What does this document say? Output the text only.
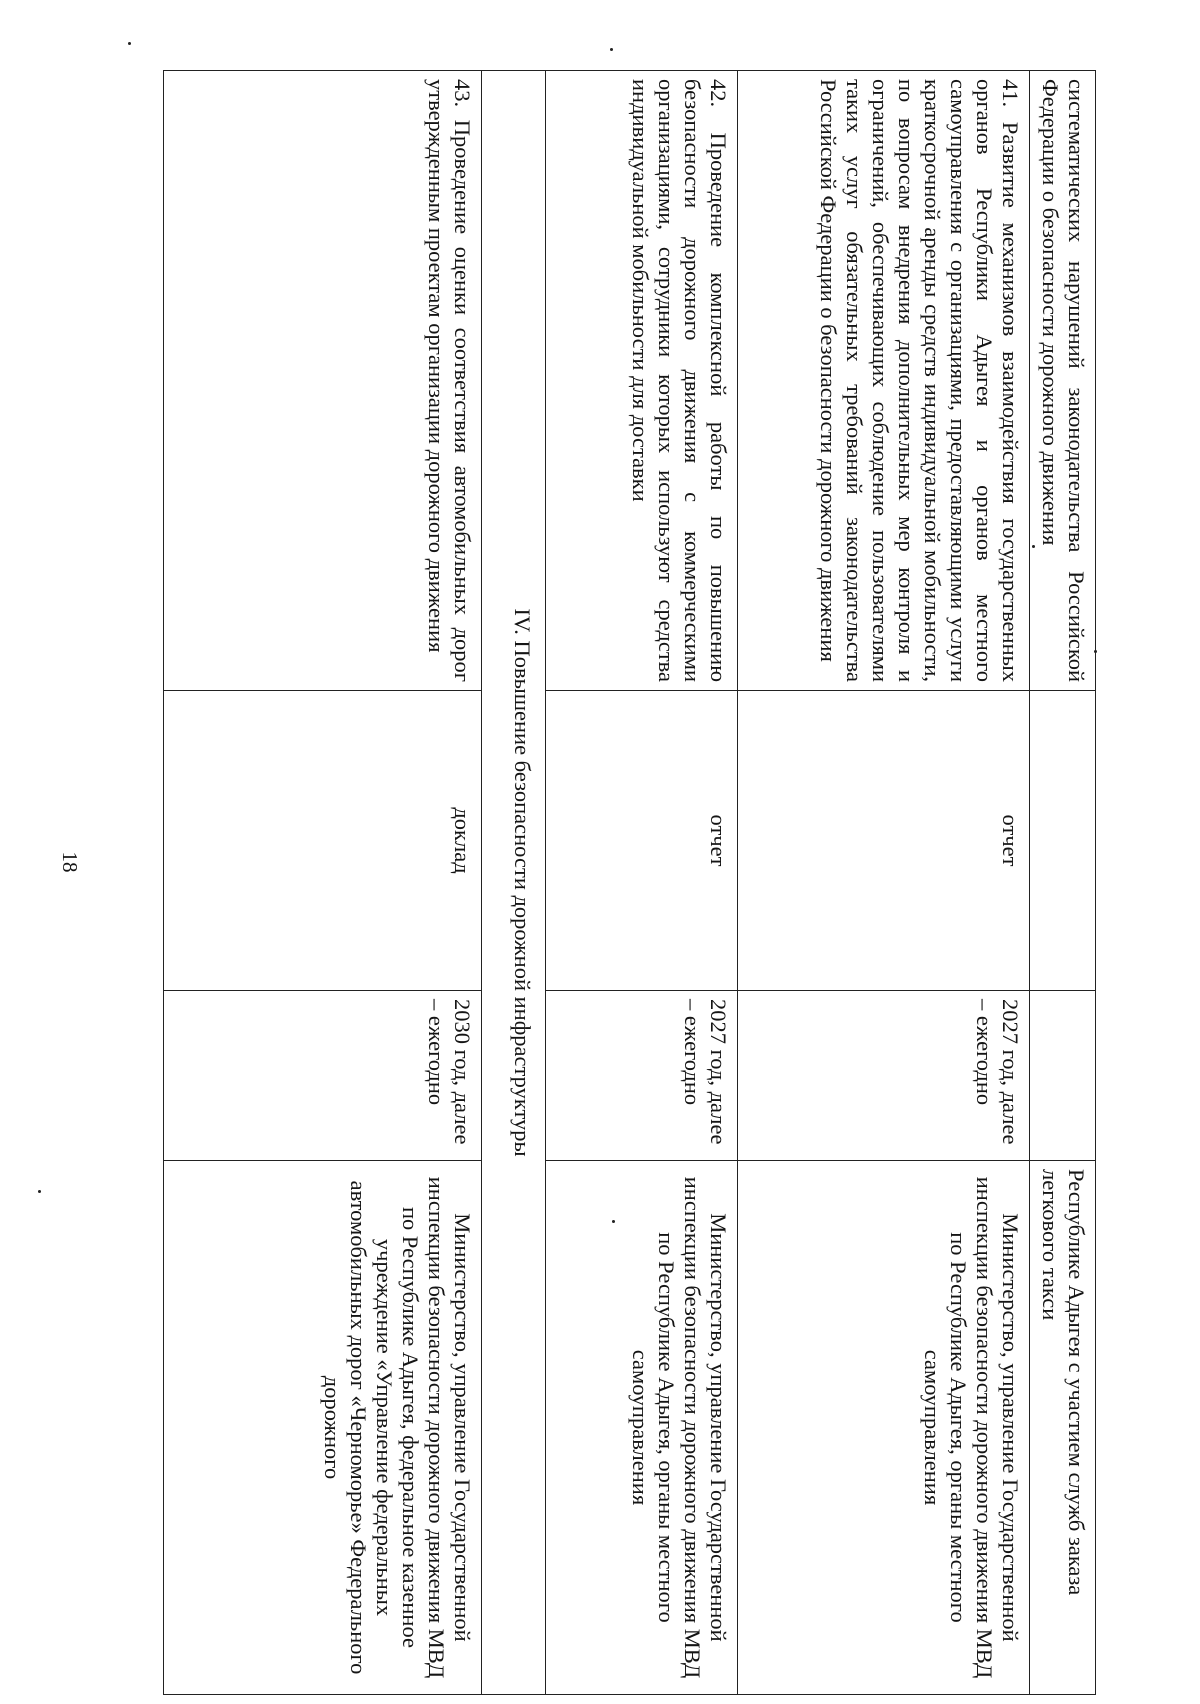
18
систематических нарушений законодательства Российской Федерации о безопасности дорожного движения			Республике Адыгея с участием служб заказа легкового такси
41. Развитие механизмов взаимодействия государственных органов Республики Адыгея и органов местного самоуправления с организациями, предоставляющими услуги краткосрочной аренды средств индивидуальной мобильности, по вопросам внедрения дополнительных мер контроля и ограничений, обеспечивающих соблюдение пользователями таких услуг обязательных требований законодательства Российской Федерации о безопасности дорожного движения	отчет	2027 год, далее – ежегодно	Министерство, управление Государственной инспекции безопасности дорожного движения МВД по Республике Адыгея, органы местного самоуправления
42. Проведение комплексной работы по повышению безопасности дорожного движения с коммерческими организациями, сотрудники которых используют средства индивидуальной мобильности для доставки	отчет	2027 год, далее – ежегодно	Министерство, управление Государственной инспекции безопасности дорожного движения МВД по Республике Адыгея, органы местного самоуправления
IV. Повышение безопасности дорожной инфраструктуры			
43. Проведение оценки соответствия автомобильных дорог утвержденным проектам организации дорожного движения	доклад	2030 год, далее – ежегодно	Министерство, управление Государственной инспекции безопасности дорожного движения МВД по Республике Адыгея, федеральное казенное учреждение «Управление федеральных автомобильных дорог «Черноморье» Федерального дорожного
